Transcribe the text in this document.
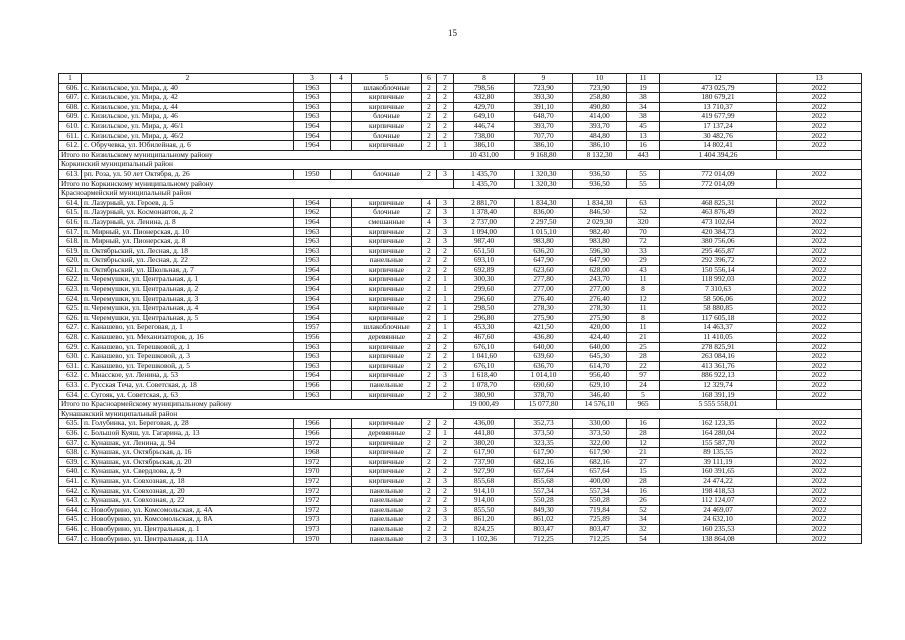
15
1	2	3	4	5	6	7	8	9	10	11	12	13
606.	с. Кизильское, ул. Мира, д. 40	1963		шлакоблочные	2	2	798,56	723,90	723,90	19	473 025,79	2022
607.	с. Кизильское, ул. Мира, д. 42	1963		кирпичные	2	2	432,80	393,30	258,80	38	180 679,21	2022
608.	с. Кизильское, ул. Мира, д. 44	1963		кирпичные	2	2	429,70	391,10	490,80	34	13 710,37	2022
609.	с. Кизильское, ул. Мира, д. 46	1963		блочные	2	2	649,10	648,70	414,00	38	419 677,99	2022
610.	с. Кизильское, ул. Мира, д. 46/1	1964		кирпичные	2	2	446,74	393,70	393,70	45	17 137,24	2022
611.	с. Кизильское, ул. Мира, д. 46/2	1964		блочные	2	2	738,00	707,70	484,80	13	30 482,76	2022
612.	с. Обручевка, ул. Юбилейная, д. 6	1964		кирпичные	2	1	386,10	386,10	386,10	16	14 802,41	2022
Итого по Кизильскому муниципальному району							10 431,00	9 168,80	8 132,30	443	1 404 394,26	
Коркинский муниципальный район												
613.	рп. Роза, ул. 50 лет Октября, д. 26	1950		блочные	2	3	1 435,70	1 320,30	936,50	55	772 014,09	2022
Итого по Коркинскому муниципальному району							1 435,70	1 320,30	936,50	55	772 014,09	
Красноармейский муниципальный район												
614.	п. Лазурный, ул. Героев, д. 5	1964		кирпичные	4	3	2 881,70	1 834,30	1 834,30	63	468 825,31	2022
615.	п. Лазурный, ул. Космонавтов, д. 2	1962		блочные	2	3	1 378,40	836,00	846,50	52	463 876,49	2022
616.	п. Лазурный, ул. Ленина, д. 8	1964		смешанные	4	3	2 737,00	2 297,50	2 029,30	320	473 102,64	2022
617.	п. Мирный, ул. Пионерская, д. 10	1963		кирпичные	2	3	1 094,00	1 015,10	982,40	70	420 384,73	2022
618.	п. Мирный, ул. Пионерская, д. 8	1963		кирпичные	2	3	987,40	983,80	983,80	72	380 756,06	2022
619.	п. Октябрьский, ул. Лесная, д. 18	1963		кирпичные	2	2	651,50	636,20	596,30	33	295 465,87	2022
620.	п. Октябрьский, ул. Лесная, д. 22	1963		панельные	2	2	693,10	647,90	647,90	29	292 396,72	2022
621.	п. Октябрьский, ул. Школьная, д. 7	1964		кирпичные	2	2	692,89	623,60	628,00	43	150 556,14	2022
622.	п. Черемушки, ул. Центральная, д. 1	1964		кирпичные	2	1	300,30	277,80	243,70	11	118 992,03	2022
623.	п. Черемушки, ул. Центральная, д. 2	1964		кирпичные	2	1	299,60	277,00	277,00	8	7 310,63	2022
624.	п. Черемушки, ул. Центральная, д. 3	1964		кирпичные	2	1	296,60	276,40	276,40	12	58 506,06	2022
625.	п. Черемушки, ул. Центральная, д. 4	1964		кирпичные	2	1	298,50	278,30	278,30	11	58 880,85	2022
626.	п. Черемушки, ул. Центральная, д. 5	1964		кирпичные	2	1	296,80	275,90	275,90	8	117 605,18	2022
627.	с. Канашево, ул. Береговая, д. 1	1957		шлакоблочные	2	1	453,30	421,50	420,00	11	14 463,37	2022
628.	с. Канашево, ул. Механизаторов, д. 16	1956		деревянные	2	2	467,60	436,80	424,40	21	11 410,05	2022
629.	с. Канашево, ул. Терешковой, д. 1	1963		кирпичные	2	2	676,10	640,00	640,00	25	278 825,91	2022
630.	с. Канашево, ул. Терешковой, д. 3	1963		кирпичные	2	2	1 041,60	639,60	645,30	28	263 084,16	2022
631.	с. Канашево, ул. Терешковой, д. 5	1963		кирпичные	2	2	676,10	636,70	614,70	22	413 361,76	2022
632.	с. Миасское, ул. Ленина, д. 53	1964		кирпичные	2	3	1 618,40	1 014,10	956,40	97	886 922,13	2022
633.	с. Русская Теча, ул. Советская, д. 18	1966		панельные	2	2	1 078,70	690,60	629,10	24	12 329,74	2022
634.	с. Сугояк, ул. Советская, д. 63	1963		кирпичные	2	2	380,90	378,70	346,40	5	168 391,19	2022
Итого по Красноармейскому муниципальному району							19 000,49	15 077,80	14 576,10	965	5 555 558,01	
Кунашакский муниципальный район												
635.	п. Голубинка, ул. Береговая, д. 28	1966		кирпичные	2	2	436,00	352,73	330,00	16	162 123,35	2022
636.	с. Большой Куяш, ул. Гагарина, д. 13	1966		деревянные	2	1	441,80	373,50	373,50	28	164 280,04	2022
637.	с. Кунашак, ул. Ленина, д. 94	1972		кирпичные	2	2	380,20	323,35	322,00	12	155 587,70	2022
638.	с. Кунашак, ул. Октябрьская, д. 16	1968		кирпичные	2	2	617,90	617,90	617,90	21	89 135,55	2022
639.	с. Кунашак, ул. Октябрьская, д. 20	1972		кирпичные	2	2	737,90	682,16	682,16	27	39 111,19	2022
640.	с. Кунашак, ул. Свердлова, д. 9	1970		кирпичные	2	2	927,90	657,64	657,64	15	160 391,65	2022
641.	с. Кунашак, ул. Совхозная, д. 18	1972		кирпичные	2	3	855,68	855,68	400,00	28	24 474,22	2022
642.	с. Кунашак, ул. Совхозная, д. 20	1972		панельные	2	2	914,10	557,34	557,34	16	198 418,53	2022
643.	с. Кунашак, ул. Совхозная, д. 22	1972		панельные	2	2	914,00	550,28	550,28	26	112 124,07	2022
644.	с. Новобурино, ул. Комсомольская, д. 4А	1972		панельные	2	3	855,50	849,30	719,84	52	24 469,07	2022
645.	с. Новобурино, ул. Комсомольская, д. 8А	1973		панельные	2	3	861,20	861,02	725,89	34	24 632,10	2022
646.	с. Новобурино, ул. Центральная, д. 1	1973		панельные	2	2	824,25	803,47	803,47	32	160 235,53	2022
647.	с. Новобурино, ул. Центральная, д. 11А	1970		панельные	2	3	1 102,36	712,25	712,25	54	138 864,08	2022
